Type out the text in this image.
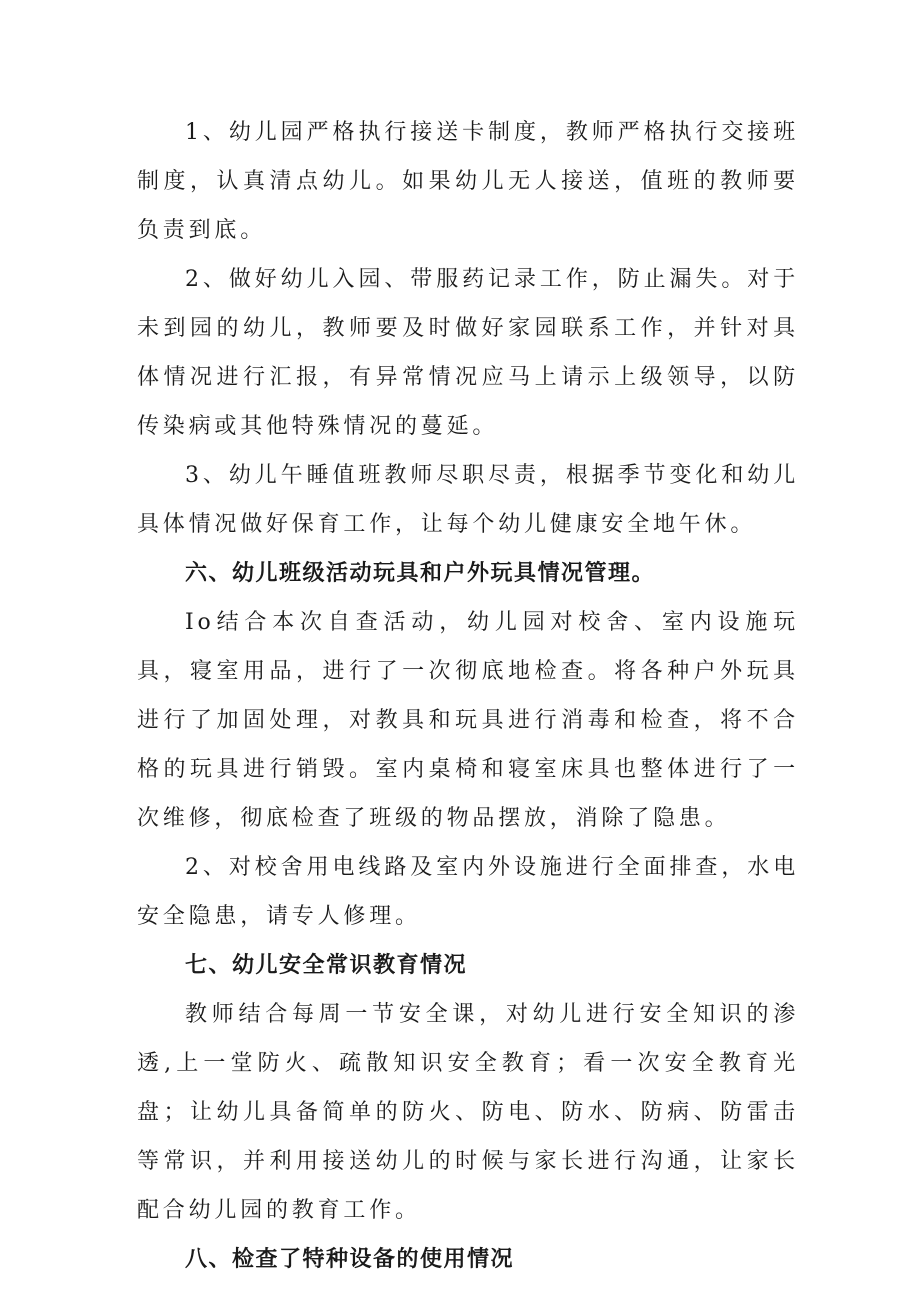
1、幼儿园严格执行接送卡制度，教师严格执行交接班制度，认真清点幼儿。如果幼儿无人接送，值班的教师要负责到底。

2、做好幼儿入园、带服药记录工作，防止漏失。对于未到园的幼儿，教师要及时做好家园联系工作，并针对具体情况进行汇报，有异常情况应马上请示上级领导，以防传染病或其他特殊情况的蔓延。

3、幼儿午睡值班教师尽职尽责，根据季节变化和幼儿具体情况做好保育工作，让每个幼儿健康安全地午休。

六、幼儿班级活动玩具和户外玩具情况管理。

Io结合本次自查活动，幼儿园对校舍、室内设施玩具，寝室用品，进行了一次彻底地检查。将各种户外玩具进行了加固处理，对教具和玩具进行消毒和检查，将不合格的玩具进行销毁。室内桌椅和寝室床具也整体进行了一次维修，彻底检查了班级的物品摆放，消除了隐患。

2、对校舍用电线路及室内外设施进行全面排查，水电安全隐患，请专人修理。

七、幼儿安全常识教育情况

教师结合每周一节安全课，对幼儿进行安全知识的渗透,上一堂防火、疏散知识安全教育；看一次安全教育光盘；让幼儿具备简单的防火、防电、防水、防病、防雷击等常识，并利用接送幼儿的时候与家长进行沟通，让家长配合幼儿园的教育工作。

八、检查了特种设备的使用情况
